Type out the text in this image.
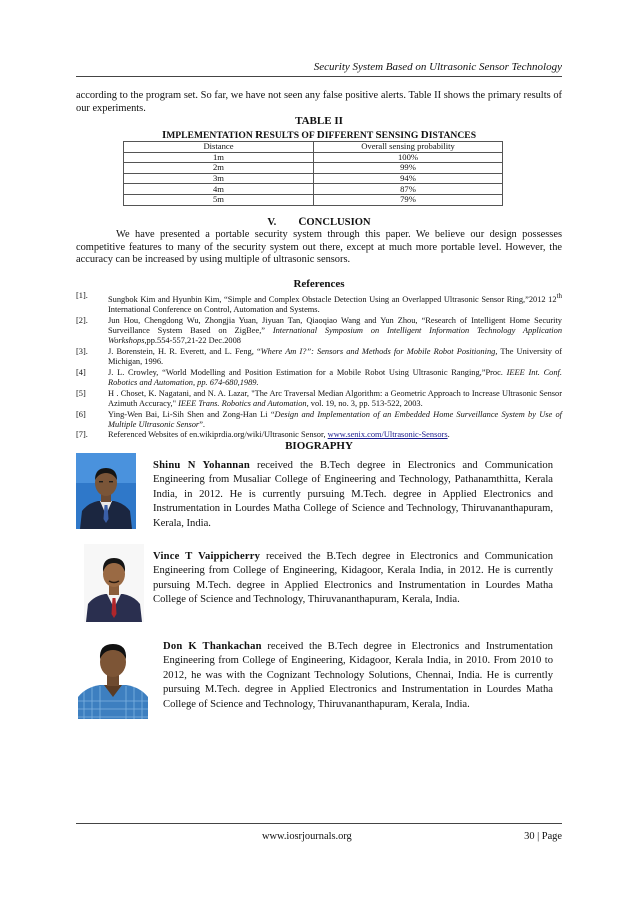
Security System Based on Ultrasonic Sensor Technology

according to the program set. So far, we have not seen any false positive alerts. Table II shows the primary results of our experiments.

TABLE II
IMPLEMENTATION RESULTS OF DIFFERENT SENSING DISTANCES
Distance	Overall sensing probability
1m	100%
2m	99%
3m	94%
4m	87%
5m	79%
V. CONCLUSION

We have presented a portable security system through this paper. We believe our design possesses competitive features to many of the security system out there, except at much more portable level. However, the accuracy can be increased by using multiple of ultrasonic sensors.

References
[1].	Sungbok Kim and Hyunbin Kim, “Simple and Complex Obstacle Detection Using an Overlapped Ultrasonic Sensor Ring,”2012 12th International Conference on Control, Automation and Systems.
[2].	Jun Hou, Chengdong Wu, Zhongjia Yuan, Jiyuan Tan, Qiaoqiao Wang and Yun Zhou, “Research of Intelligent Home Security Surveillance System Based on ZigBee,” International Symposium on Intelligent Information Technology Application Workshops,pp.554-557,21-22 Dec.2008
[3].	J. Borenstein, H. R. Everett, and L. Feng, “Where Am I?”: Sensors and Methods for Mobile Robot Positioning, The University of Michigan, 1996.
[4]	J. L. Crowley, “World Modelling and Position Estimation for a Mobile Robot Using Ultrasonic Ranging,”Proc. IEEE Int. Conf. Robotics and Automation, pp. 674-680,1989.
[5]	H . Choset, K. Nagatani, and N. A. Lazar, "The Arc Traversal Median Algorithm: a Geometric Approach to Increase Ultrasonic Sensor Azimuth Accuracy," IEEE Trans. Robotics and Automation, vol. 19, no. 3, pp. 513-522, 2003.
[6]	Ying-Wen Bai, Li-Sih Shen and Zong-Han Li “Design and Implementation of an Embedded Home Surveillance System by Use of Multiple Ultrasonic Sensor”.
[7].	Referenced Websites of en.wikiprdia.org/wiki/Ultrasonic Sensor, www.senix.com/Ultrasonic-Sensors.
BIOGRAPHY

Shinu N Yohannan received the B.Tech degree in Electronics and Communication Engineering from Musaliar College of Engineering and Technology, Pathanamthitta, Kerala India, in 2012. He is currently pursuing M.Tech. degree in Applied Electronics and Instrumentation in Lourdes Matha College of Science and Technology, Thiruvananthapuram, Kerala, India.

Vince T Vaippicherry received the B.Tech degree in Electronics and Communication Engineering from College of Engineering, Kidagoor, Kerala India, in 2012. He is currently pursuing M.Tech. degree in Applied Electronics and Instrumentation in Lourdes Matha College of Science and Technology, Thiruvananthapuram, Kerala, India.

Don K Thankachan received the B.Tech degree in Electronics and Instrumentation Engineering from College of Engineering, Kidagoor, Kerala India, in 2010. From 2010 to 2012, he was with the Cognizant Technology Solutions, Chennai, India. He is currently pursuing M.Tech. degree in Applied Electronics and Instrumentation in Lourdes Matha College of Science and Technology, Thiruvananthapuram, Kerala, India.

www.iosrjournals.org	30 | Page
